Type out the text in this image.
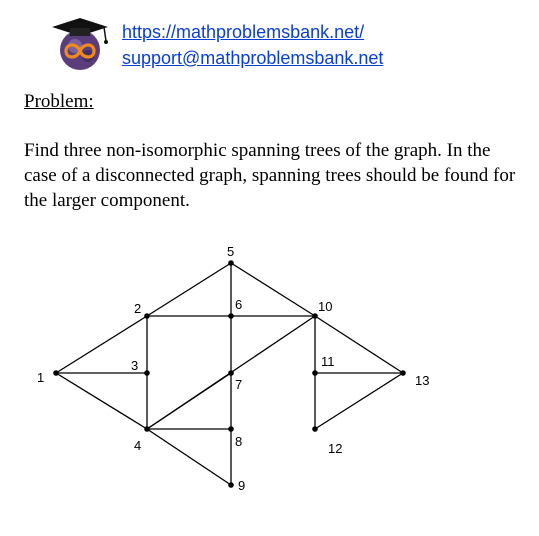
https://mathproblemsbank.net/
support@mathproblemsbank.net
Problem:
Find three non-isomorphic spanning trees of the graph. In the case of a disconnected graph, spanning trees should be found for the larger component.
1
2
3
4
5
6
7
8
9
10
11
12
13
